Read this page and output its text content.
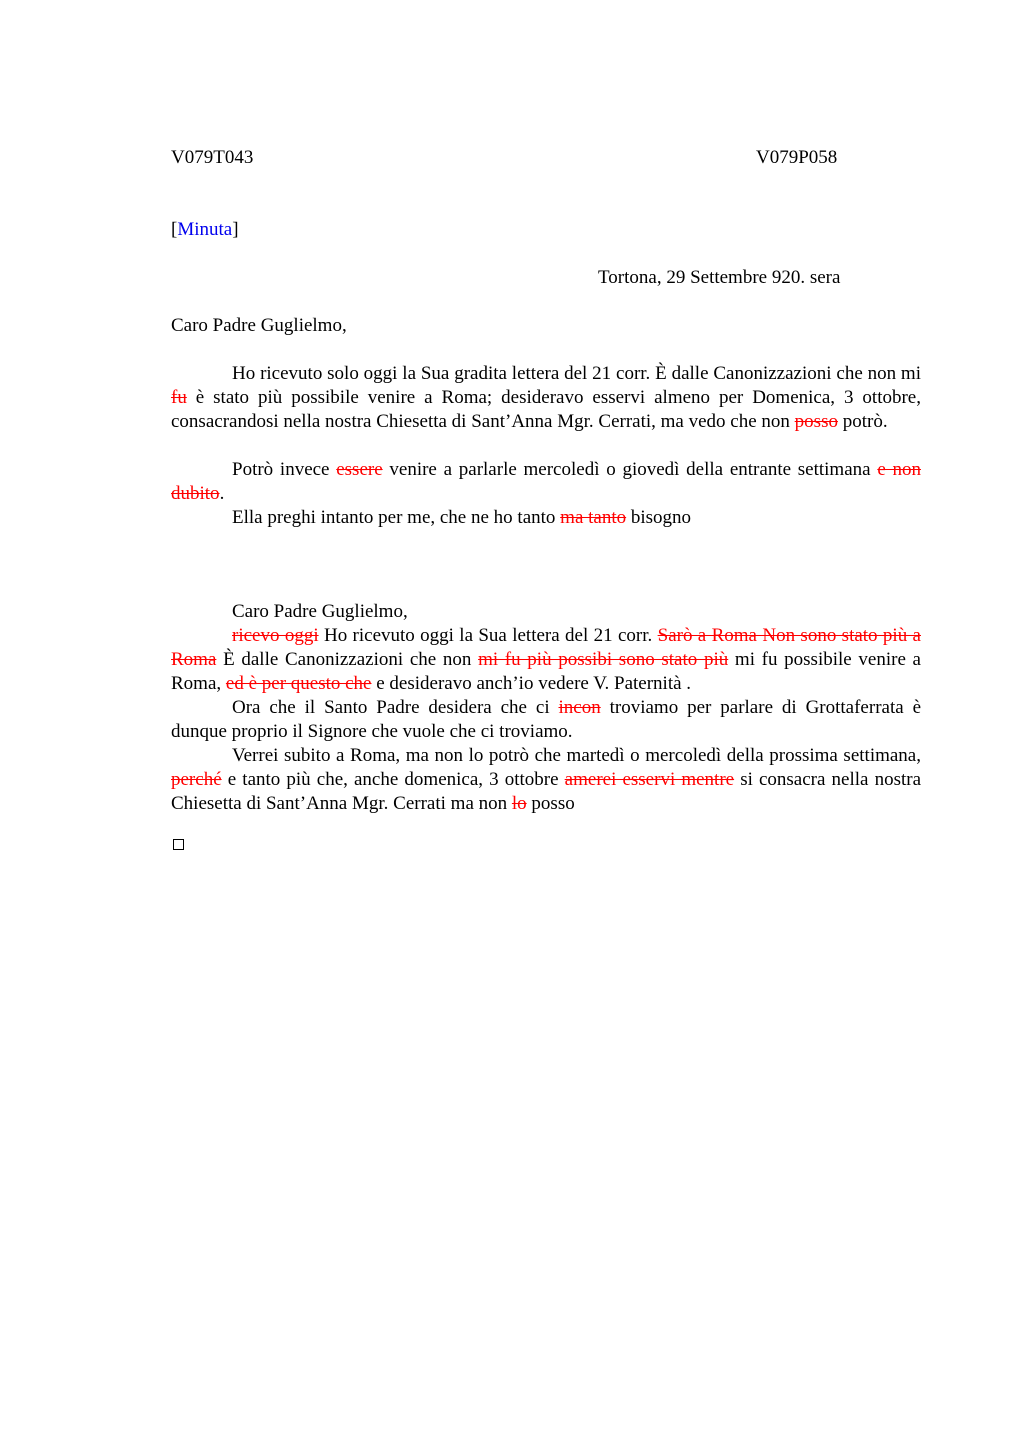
V079T043	V079P058
[Minuta]
Tortona, 29 Settembre 920. sera
Caro Padre Guglielmo,

Ho ricevuto solo oggi la Sua gradita lettera del 21 corr. È dalle Canonizzazioni che non mi fu è stato più possibile venire a Roma; desideravo esservi almeno per Domenica, 3 ottobre, consacrandosi nella nostra Chiesetta di Sant’Anna Mgr. Cerrati, ma vedo che non posso potrò.

Potrò invece essere venire a parlarle mercoledì o giovedì della entrante settimana e non dubito.

Ella preghi intanto per me, che ne ho tanto ma tanto bisogno

Caro Padre Guglielmo,

ricevo oggi Ho ricevuto oggi la Sua lettera del 21 corr. Sarò a Roma Non sono stato più a Roma È dalle Canonizzazioni che non mi fu più possibi sono stato più mi fu possibile venire a Roma, ed è per questo che e desideravo anch’io vedere V. Paternità .

Ora che il Santo Padre desidera che ci incon troviamo per parlare di Grottaferrata è dunque proprio il Signore che vuole che ci troviamo.

Verrei subito a Roma, ma non lo potrò che martedì o mercoledì della prossima settimana, perché e tanto più che, anche domenica, 3 ottobre amerei esservi mentre si consacra nella nostra Chiesetta di Sant’Anna Mgr. Cerrati ma non lo posso
